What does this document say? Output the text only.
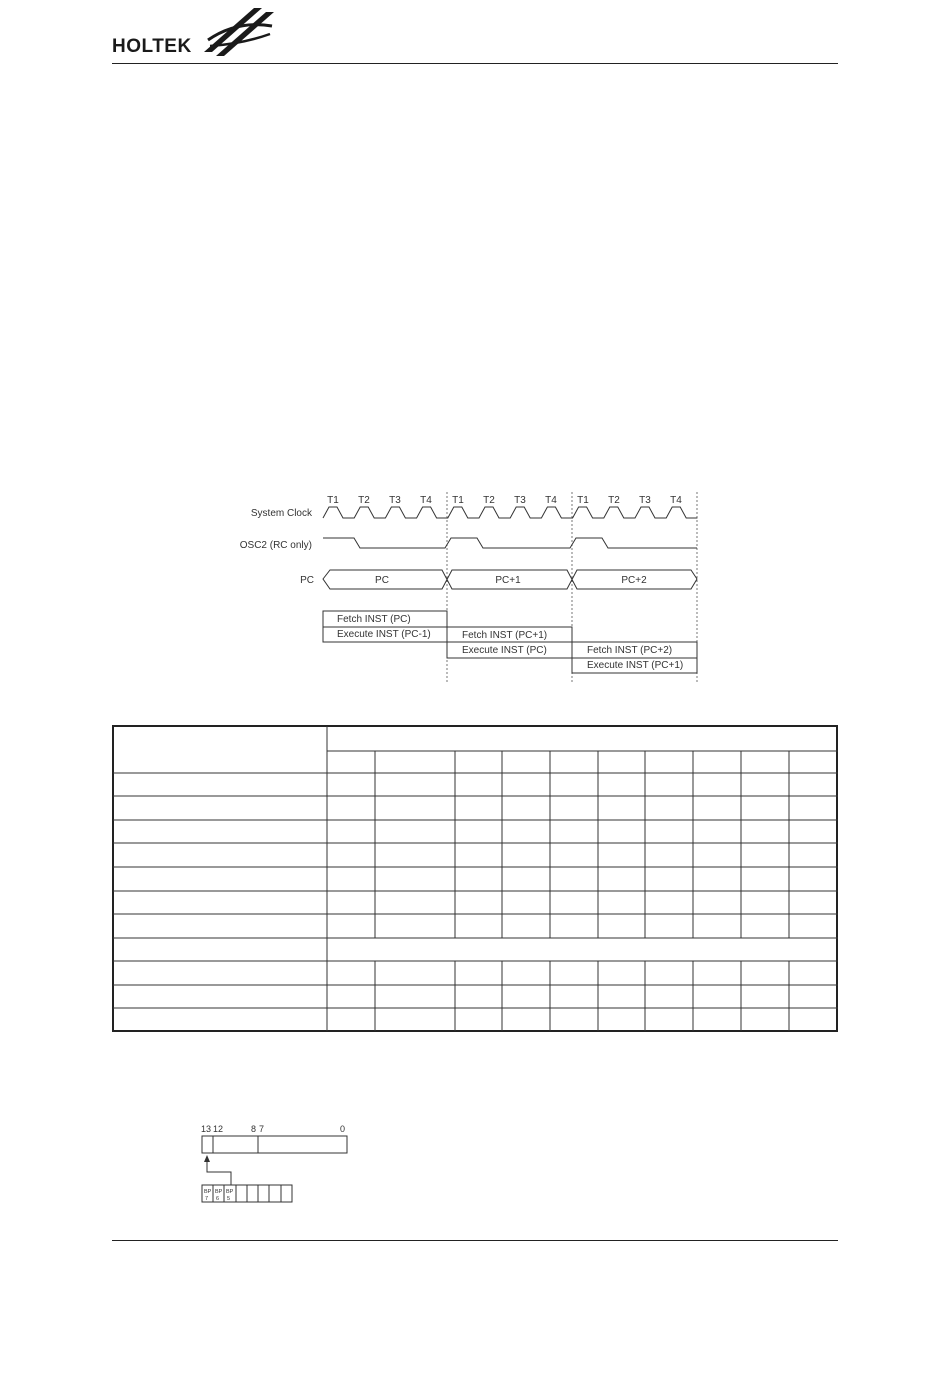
HOLTEK
T1 T2 T3 T4 T1 T2 T3 T4 T1 T2 T3 T4
System Clock
OSC2 (RC only)
PC	PC	PC+1	PC+2
Fetch INST (PC)
Execute INST (PC-1)	Fetch INST (PC+1)
Execute INST (PC)	Fetch INST (PC+2)
Execute INST (PC+1)
13 12	8 7	0
BP
7
BP
6
BP
5
